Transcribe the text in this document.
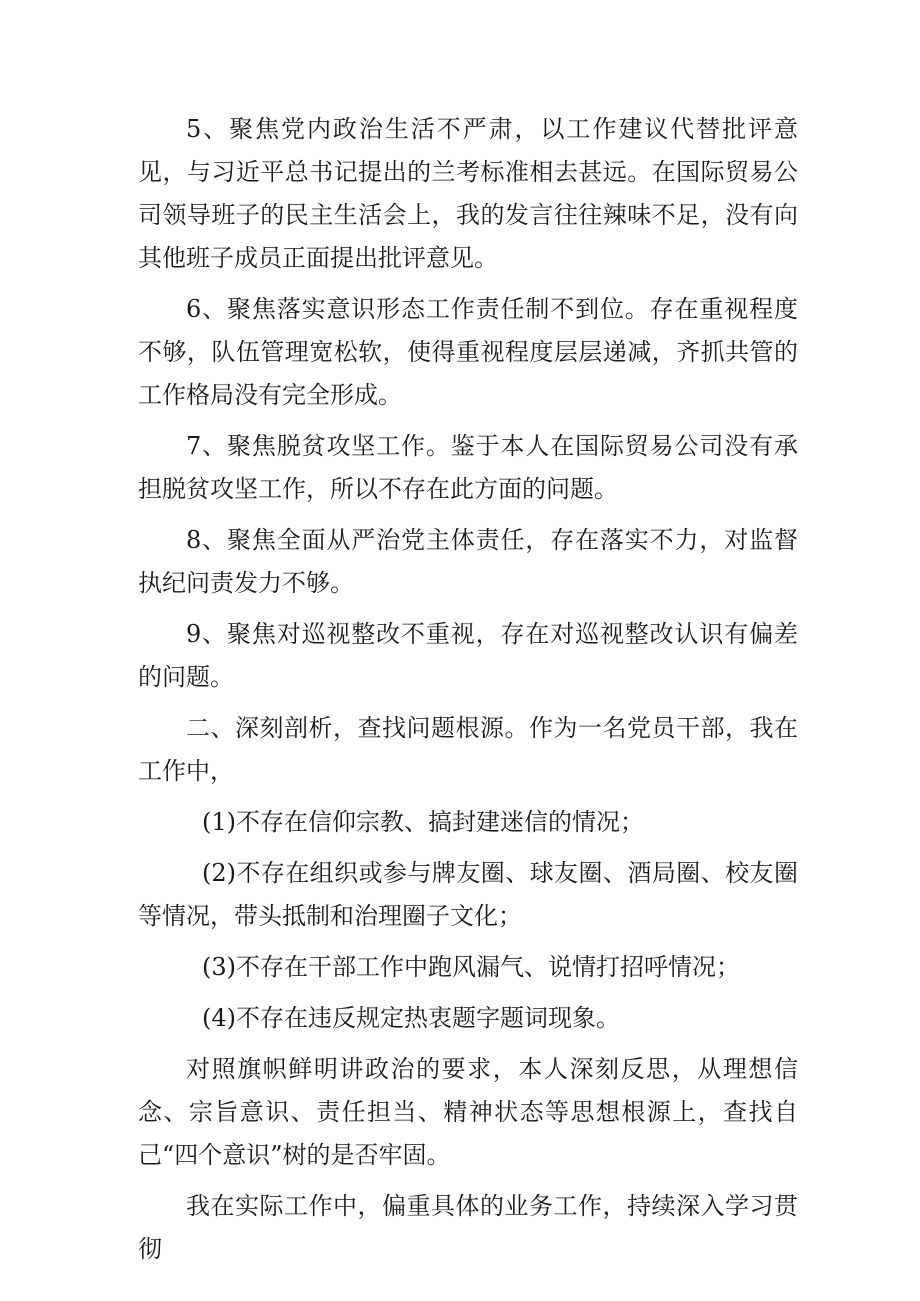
5、聚焦党内政治生活不严肃，以工作建议代替批评意见，与习近平总书记提出的兰考标准相去甚远。在国际贸易公司领导班子的民主生活会上，我的发言往往辣味不足，没有向其他班子成员正面提出批评意见。

6、聚焦落实意识形态工作责任制不到位。存在重视程度不够，队伍管理宽松软，使得重视程度层层递减，齐抓共管的工作格局没有完全形成。

7、聚焦脱贫攻坚工作。鉴于本人在国际贸易公司没有承担脱贫攻坚工作，所以不存在此方面的问题。

8、聚焦全面从严治党主体责任，存在落实不力，对监督执纪问责发力不够。

9、聚焦对巡视整改不重视，存在对巡视整改认识有偏差的问题。

二、深刻剖析，查找问题根源。作为一名党员干部，我在工作中，

(1)不存在信仰宗教、搞封建迷信的情况；

(2)不存在组织或参与牌友圈、球友圈、酒局圈、校友圈等情况，带头抵制和治理圈子文化；

(3)不存在干部工作中跑风漏气、说情打招呼情况；

(4)不存在违反规定热衷题字题词现象。

对照旗帜鲜明讲政治的要求，本人深刻反思，从理想信念、宗旨意识、责任担当、精神状态等思想根源上，查找自己“四个意识”树的是否牢固。

我在实际工作中，偏重具体的业务工作，持续深入学习贯彻
